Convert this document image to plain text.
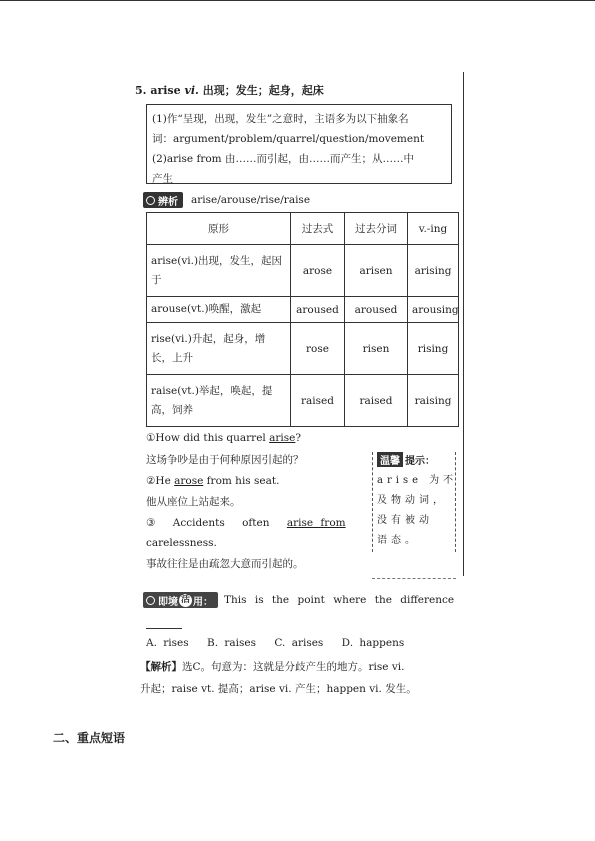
5. arise vi. 出现；发生；起身，起床
(1)作“呈现，出现，发生”之意时，主语多为以下抽象名
词：argument/problem/quarrel/question/movement
(2)arise from 由……而引起，由……而产生；从……中
产生
辨析 arise/arouse/rise/raise
原形	过去式	过去分词	v.-ing
arise(vi.)出现，发生，起因于	arose	arisen	arising
arouse(vt.)唤醒，激起	aroused	aroused	arousing
rise(vi.)升起，起身，增长，上升	rose	risen	rising
raise(vt.)举起，唤起，提高，饲养	raised	raised	raising
①How did this quarrel arise?
这场争吵是由于何种原因引起的？
②He arose from his seat.
他从座位上站起来。
③ Accidents often arise from
carelessness.
事故往往是由疏忽大意而引起的。
温馨 提示：
arise 为不
及物动词，
没有被动
语态。
即境 活 用： This is the point where the difference
A. rises B. raises C. arises D. happens
【解析】选C。句意为：这就是分歧产生的地方。rise vi.
升起；raise vt. 提高；arise vi. 产生；happen vi. 发生。
二、重点短语
